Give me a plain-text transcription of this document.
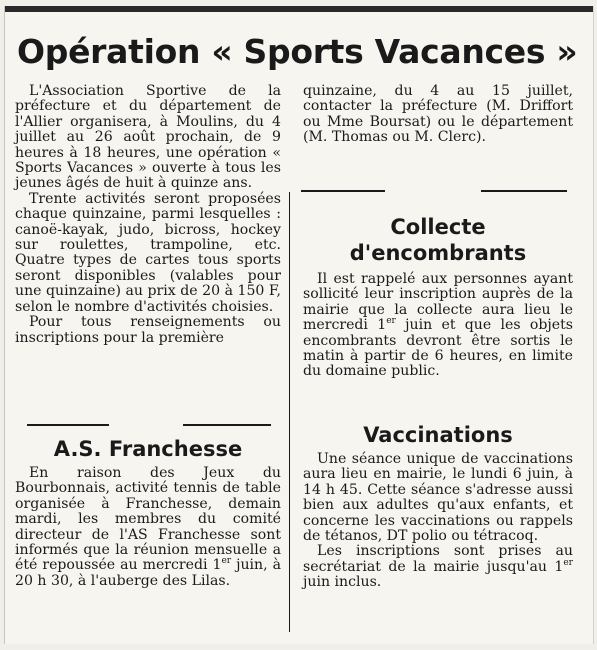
Opération « Sports Vacances »

L'Association Sportive de la préfecture et du département de l'Allier organisera, à Moulins, du 4 juillet au 26 août prochain, de 9 heures à 18 heures, une opération « Sports Vacances » ouverte à tous les jeunes âgés de huit à quinze ans.

Trente activités seront proposées chaque quinzaine, parmi lesquelles : canoë-kayak, judo, bicross, hockey sur roulettes, trampoline, etc. Quatre types de cartes tous sports seront disponibles (valables pour une quinzaine) au prix de 20 à 150 F, selon le nombre d'activités choisies.

Pour tous renseignements ou inscriptions pour la première

quinzaine, du 4 au 15 juillet, contacter la préfecture (M. Driffort ou Mme Boursat) ou le département (M. Thomas ou M. Clerc).

A.S. Franchesse

En raison des Jeux du Bourbonnais, activité tennis de table organisée à Franchesse, demain mardi, les membres du comité directeur de l'AS Franchesse sont informés que la réunion mensuelle a été repoussée au mercredi 1er juin, à 20 h 30, à l'auberge des Lilas.

Collecte
d'encombrants

Il est rappelé aux personnes ayant sollicité leur inscription auprès de la mairie que la collecte aura lieu le mercredi 1er juin et que les objets encombrants devront être sortis le matin à partir de 6 heures, en limite du domaine public.

Vaccinations

Une séance unique de vaccinations aura lieu en mairie, le lundi 6 juin, à 14 h 45. Cette séance s'adresse aussi bien aux adultes qu'aux enfants, et concerne les vaccinations ou rappels de tétanos, DT polio ou tétracoq.

Les inscriptions sont prises au secrétariat de la mairie jusqu'au 1er juin inclus.
